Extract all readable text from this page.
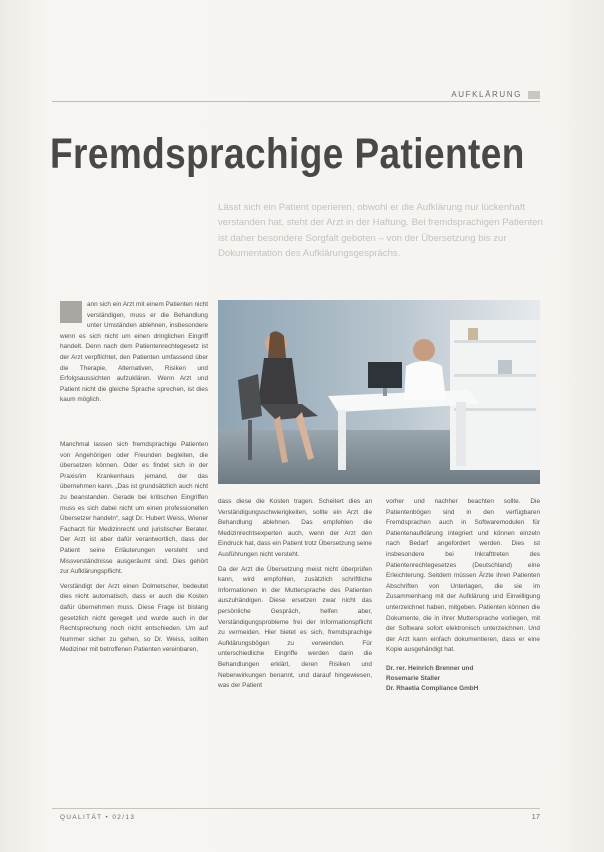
AUFKLÄRUNG
Fremdsprachige Patienten
Lässt sich ein Patient operieren, obwohl er die Aufklärung nur lückenhaft verstanden hat, steht der Arzt in der Haftung. Bei fremdsprachigen Patienten ist daher besondere Sorgfalt geboten – von der Übersetzung bis zur Dokumentation des Aufklärungsgesprächs.

ann sich ein Arzt mit einem Patienten nicht verständigen, muss er die Behandlung unter Umständen ablehnen, insbesondere wenn es sich nicht um einen dringlichen Eingriff handelt. Denn nach dem Patientenrechtegesetz ist der Arzt verpflichtet, den Patienten umfassend über die Therapie, Alternativen, Risiken und Erfolgsaussichten aufzuklären. Wenn Arzt und Patient nicht die gleiche Sprache sprechen, ist dies kaum möglich.

Manchmal lassen sich fremdsprachige Patienten von Angehörigen oder Freunden begleiten, die übersetzen können. Oder es findet sich in der Praxis/im Krankenhaus jemand, der das übernehmen kann. „Das ist grundsätzlich auch nicht zu beanstanden. Gerade bei kritischen Eingriffen muss es sich dabei nicht um einen professionellen Übersetzer handeln“, sagt Dr. Hubert Weiss, Wiener Facharzt für Medizinrecht und juristischer Berater. Der Arzt ist aber dafür verantwortlich, dass der Patient seine Erläuterungen versteht und Missverständnisse ausgeräumt sind. Dies gehört zur Aufklärungspflicht.

Verständigt der Arzt einen Dolmetscher, bedeutet dies nicht automatisch, dass er auch die Kosten dafür übernehmen muss. Diese Frage ist bislang gesetzlich nicht geregelt und wurde auch in der Rechtsprechung noch nicht entschieden. Um auf Nummer sicher zu gehen, so Dr. Weiss, sollten Mediziner mit betroffenen Patienten vereinbaren,

dass diese die Kosten tragen. Scheitert dies an Verständigungsschwierigkeiten, sollte ein Arzt die Behandlung ablehnen. Das empfehlen die Medizinrechtsexperten auch, wenn der Arzt den Eindruck hat, dass ein Patient trotz Übersetzung seine Ausführungen nicht versteht.

Da der Arzt die Übersetzung meist nicht überprüfen kann, wird empfohlen, zusätzlich schriftliche Informationen in der Muttersprache des Patienten auszuhändigen. Diese ersetzen zwar nicht das persönliche Gespräch, helfen aber, Verständigungsprobleme frei der Informationspflicht zu vermeiden. Hier bietet es sich, fremdsprachige Aufklärungsbögen zu verwenden. Für unterschiedliche Eingriffe werden darin die Behandlungen erklärt, deren Risiken und Nebenwirkungen benannt, und darauf hingewiesen, was der Patient

vorher und nachher beachten sollte. Die Patientenbögen sind in den verfügbaren Fremdsprachen auch in Softwaremodulen für Patientenaufklärung integriert und können einzeln nach Bedarf angefordert werden. Dies ist insbesondere bei Inkrafttreten des Patientenrechtegesetzes (Deutschland) eine Erleichterung. Seitdem müssen Ärzte ihren Patienten Abschriften von Unterlagen, die sie im Zusammenhang mit der Aufklärung und Einwilligung unterzeichnet haben, mitgeben. Patienten können die Dokumente, die in ihrer Muttersprache vorliegen, mit der Software sofort elektronisch unterzeichnen. Und der Arzt kann einfach dokumentieren, dass er eine Kopie ausgehändigt hat.

Dr. rer. Heinrich Brenner und
Rosemarie Staller
Dr. Rhaetia Compliance GmbH
QUALITÄT • 02/13	17
